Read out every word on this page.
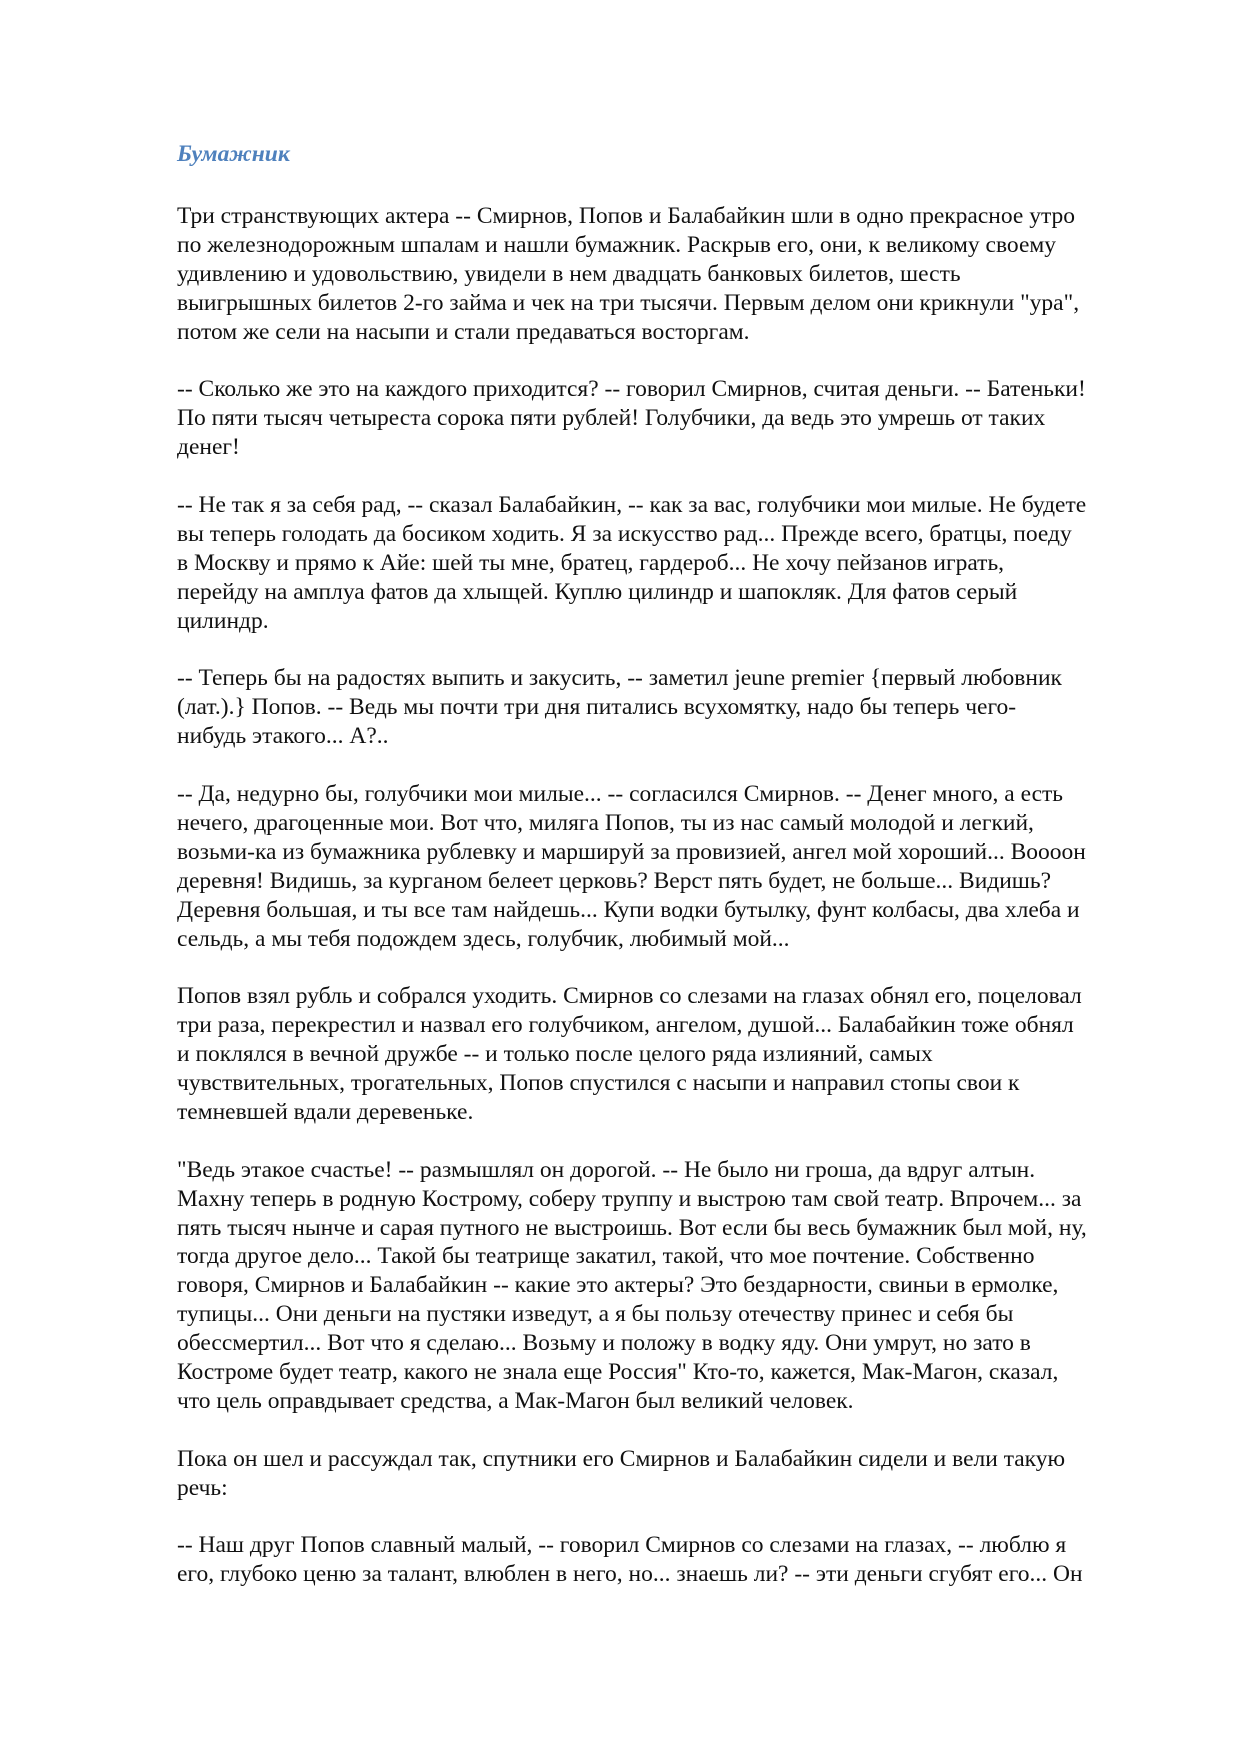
Бумажник

Три странствующих актера -- Смирнов, Попов и Балабайкин шли в одно прекрасное утро
по железнодорожным шпалам и нашли бумажник. Раскрыв его, они, к великому своему
удивлению и удовольствию, увидели в нем двадцать банковых билетов, шесть
выигрышных билетов 2-го займа и чек на три тысячи. Первым делом они крикнули "ура",
потом же сели на насыпи и стали предаваться восторгам.

-- Сколько же это на каждого приходится? -- говорил Смирнов, считая деньги. -- Батеньки!
По пяти тысяч четыреста сорока пяти рублей! Голубчики, да ведь это умрешь от таких
денег!

-- Не так я за себя рад, -- сказал Балабайкин, -- как за вас, голубчики мои милые. Не будете
вы теперь голодать да босиком ходить. Я за искусство рад... Прежде всего, братцы, поеду
в Москву и прямо к Айе: шей ты мне, братец, гардероб... Не хочу пейзанов играть,
перейду на амплуа фатов да хлыщей. Куплю цилиндр и шапокляк. Для фатов серый
цилиндр.

-- Теперь бы на радостях выпить и закусить, -- заметил jeune premier {первый любовник
(лат.).} Попов. -- Ведь мы почти три дня питались всухомятку, надо бы теперь чего-
нибудь этакого... А?..

-- Да, недурно бы, голубчики мои милые... -- согласился Смирнов. -- Денег много, а есть
нечего, драгоценные мои. Вот что, миляга Попов, ты из нас самый молодой и легкий,
возьми-ка из бумажника рублевку и маршируй за провизией, ангел мой хороший... Воооон
деревня! Видишь, за курганом белеет церковь? Верст пять будет, не больше... Видишь?
Деревня большая, и ты все там найдешь... Купи водки бутылку, фунт колбасы, два хлеба и
сельдь, а мы тебя подождем здесь, голубчик, любимый мой...

Попов взял рубль и собрался уходить. Смирнов со слезами на глазах обнял его, поцеловал
три раза, перекрестил и назвал его голубчиком, ангелом, душой... Балабайкин тоже обнял
и поклялся в вечной дружбе -- и только после целого ряда излияний, самых
чувствительных, трогательных, Попов спустился с насыпи и направил стопы свои к
темневшей вдали деревеньке.

"Ведь этакое счастье! -- размышлял он дорогой. -- Не было ни гроша, да вдруг алтын.
Махну теперь в родную Кострому, соберу труппу и выстрою там свой театр. Впрочем... за
пять тысяч нынче и сарая путного не выстроишь. Вот если бы весь бумажник был мой, ну,
тогда другое дело... Такой бы театрище закатил, такой, что мое почтение. Собственно
говоря, Смирнов и Балабайкин -- какие это актеры? Это бездарности, свиньи в ермолке,
тупицы... Они деньги на пустяки изведут, а я бы пользу отечеству принес и себя бы
обессмертил... Вот что я сделаю... Возьму и положу в водку яду. Они умрут, но зато в
Костроме будет театр, какого не знала еще Россия" Кто-то, кажется, Мак-Магон, сказал,
что цель оправдывает средства, а Мак-Магон был великий человек.

Пока он шел и рассуждал так, спутники его Смирнов и Балабайкин сидели и вели такую
речь:

-- Наш друг Попов славный малый, -- говорил Смирнов со слезами на глазах, -- люблю я
его, глубоко ценю за талант, влюблен в него, но... знаешь ли? -- эти деньги сгубят его... Он
